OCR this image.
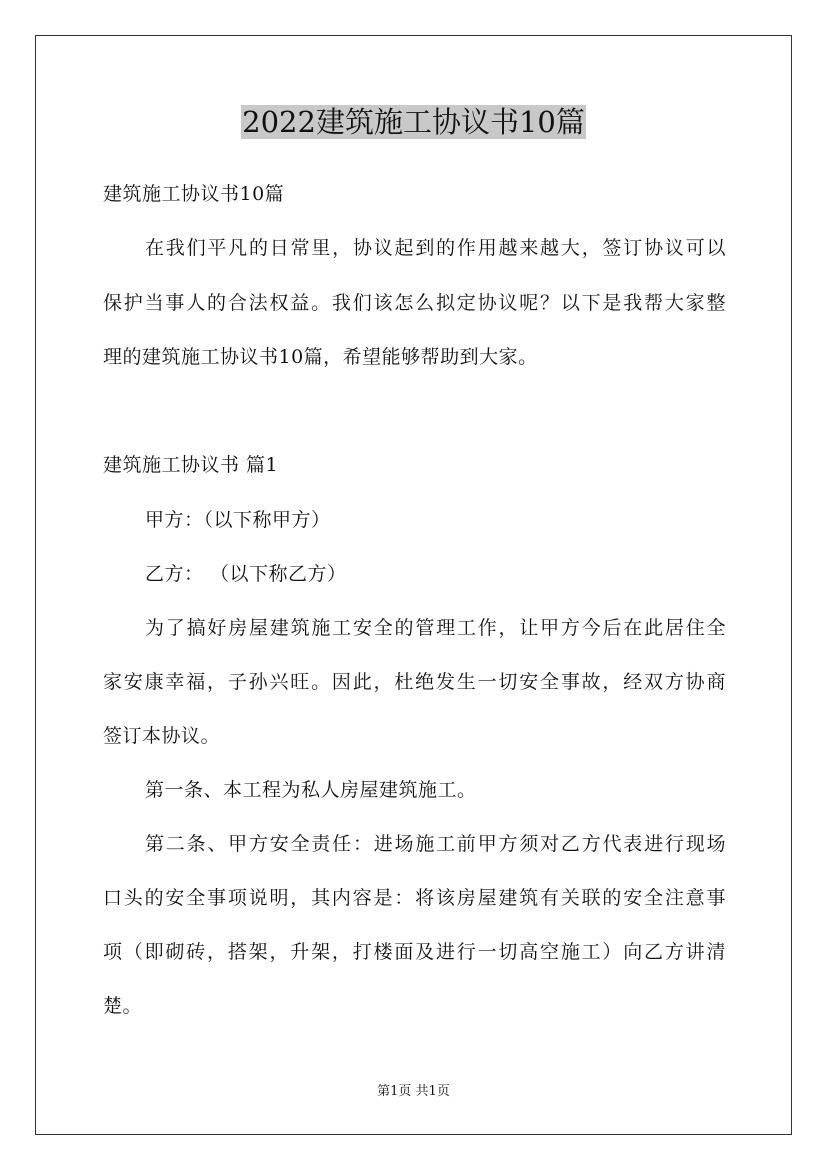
2022建筑施工协议书10篇

建筑施工协议书10篇

在我们平凡的日常里，协议起到的作用越来越大，签订协议可以

保护当事人的合法权益。我们该怎么拟定协议呢？以下是我帮大家整

理的建筑施工协议书10篇，希望能够帮助到大家。

建筑施工协议书 篇1

甲方：（以下称甲方）

乙方： （以下称乙方）

为了搞好房屋建筑施工安全的管理工作，让甲方今后在此居住全

家安康幸福，子孙兴旺。因此，杜绝发生一切安全事故，经双方协商

签订本协议。

第一条、本工程为私人房屋建筑施工。

第二条、甲方安全责任：进场施工前甲方须对乙方代表进行现场

口头的安全事项说明，其内容是：将该房屋建筑有关联的安全注意事

项（即砌砖，搭架，升架，打楼面及进行一切高空施工）向乙方讲清

楚。

第1页 共1页
